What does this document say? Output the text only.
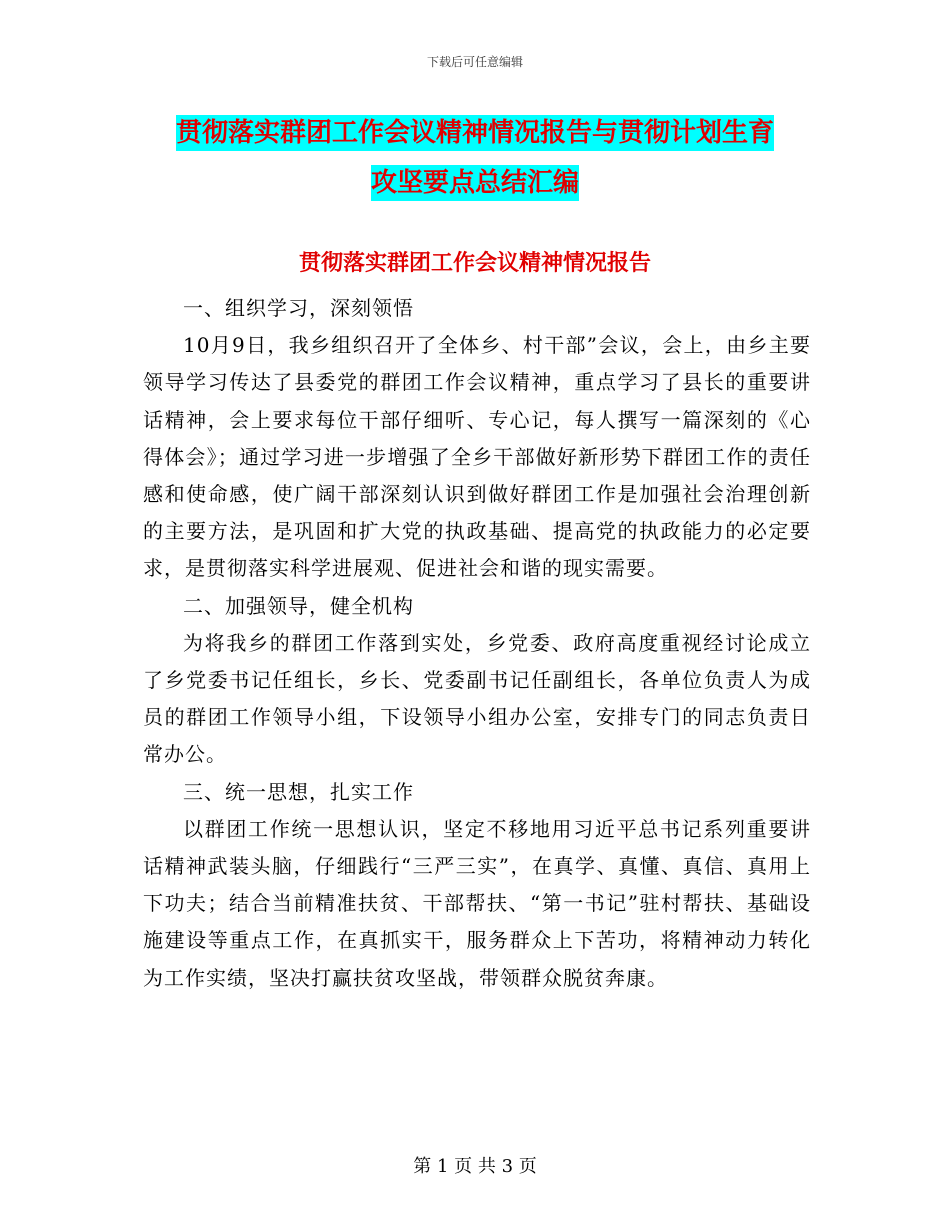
下载后可任意编辑
贯彻落实群团工作会议精神情况报告与贯彻计划生育
攻坚要点总结汇编
贯彻落实群团工作会议精神情况报告

一、组织学习，深刻领悟

10月9日，我乡组织召开了全体乡、村干部”会议，会上，由乡主要领导学习传达了县委党的群团工作会议精神，重点学习了县长的重要讲话精神，会上要求每位干部仔细听、专心记，每人撰写一篇深刻的《心得体会》；通过学习进一步增强了全乡干部做好新形势下群团工作的责任感和使命感，使广阔干部深刻认识到做好群团工作是加强社会治理创新的主要方法，是巩固和扩大党的执政基础、提高党的执政能力的必定要求，是贯彻落实科学进展观、促进社会和谐的现实需要。

二、加强领导，健全机构

为将我乡的群团工作落到实处，乡党委、政府高度重视经讨论成立了乡党委书记任组长，乡长、党委副书记任副组长，各单位负责人为成员的群团工作领导小组，下设领导小组办公室，安排专门的同志负责日常办公。

三、统一思想，扎实工作

以群团工作统一思想认识，坚定不移地用习近平总书记系列重要讲话精神武装头脑，仔细践行“三严三实”，在真学、真懂、真信、真用上下功夫；结合当前精准扶贫、干部帮扶、“第一书记”驻村帮扶、基础设施建设等重点工作，在真抓实干，服务群众上下苦功，将精神动力转化为工作实绩，坚决打赢扶贫攻坚战，带领群众脱贫奔康。

第 1 页 共 3 页
